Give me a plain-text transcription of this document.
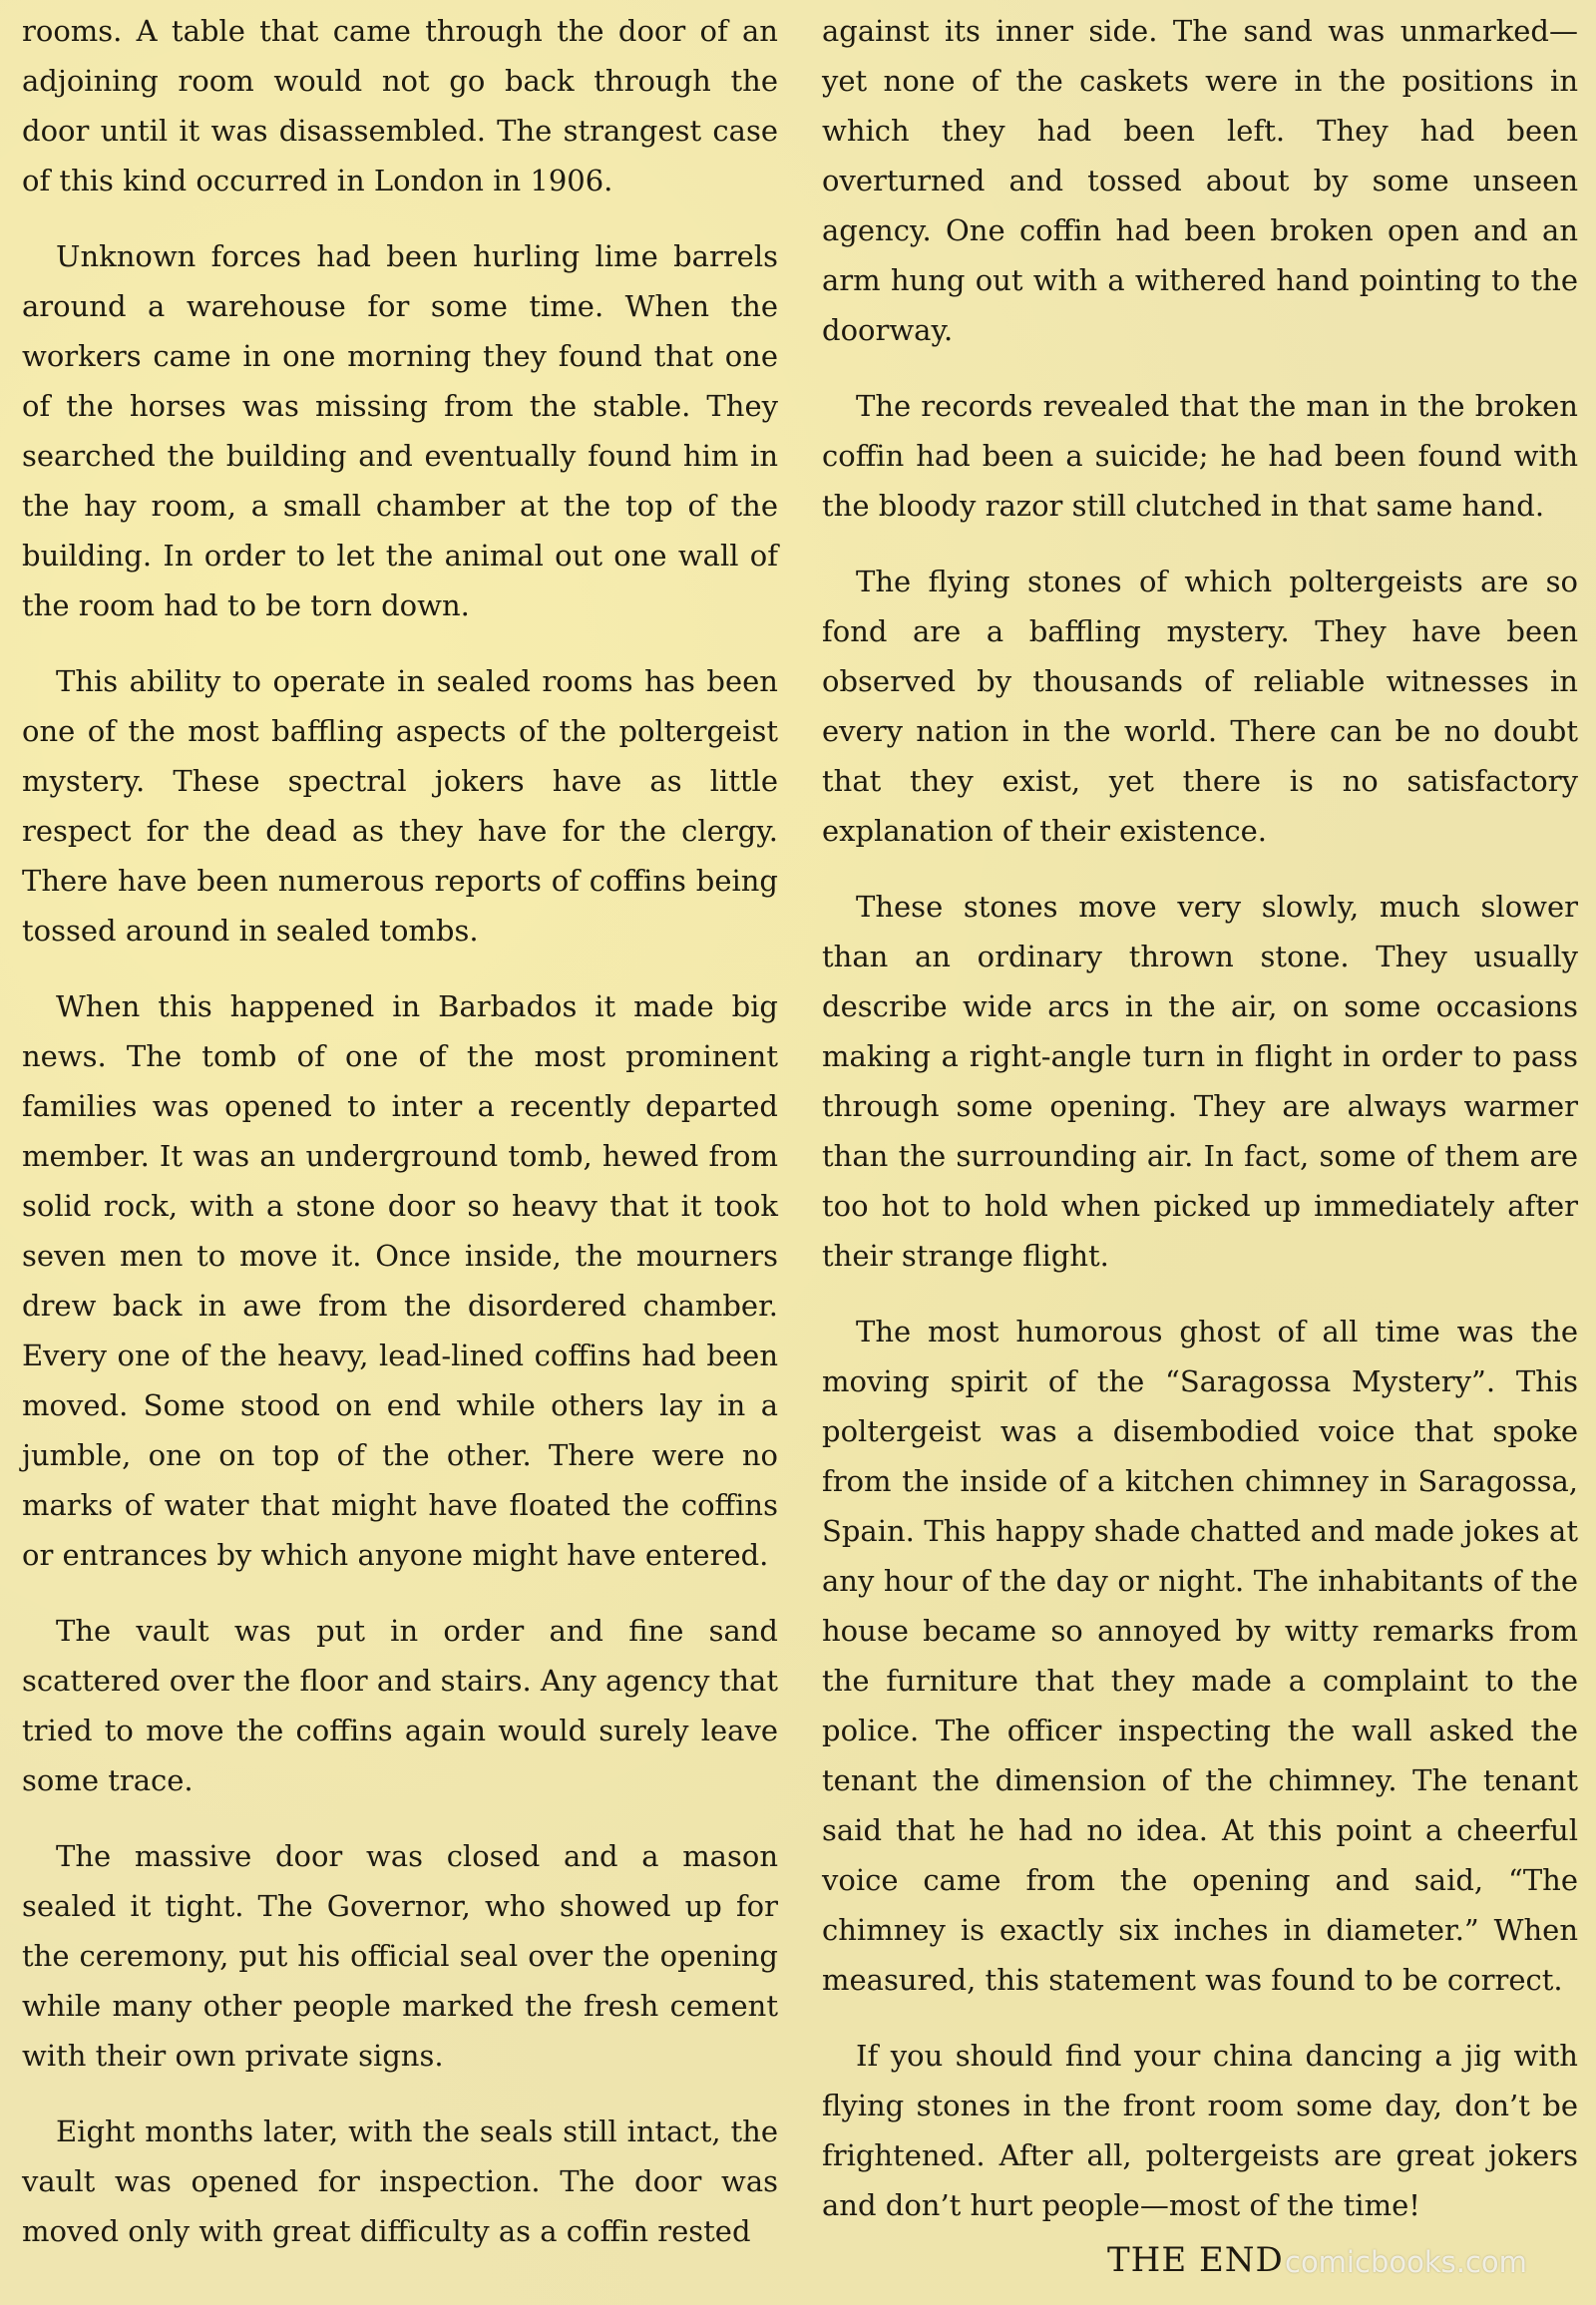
rooms. A table that came through the door of an adjoining room would not go back through the door until it was disassembled. The strangest case of this kind occurred in London in 1906.

Unknown forces had been hurling lime barrels around a warehouse for some time. When the workers came in one morning they found that one of the horses was missing from the stable. They searched the building and eventually found him in the hay room, a small chamber at the top of the building. In order to let the animal out one wall of the room had to be torn down.

This ability to operate in sealed rooms has been one of the most baffling aspects of the poltergeist mystery. These spectral jokers have as little respect for the dead as they have for the clergy. There have been numerous reports of coffins being tossed around in sealed tombs.

When this happened in Barbados it made big news. The tomb of one of the most prominent families was opened to inter a recently departed member. It was an underground tomb, hewed from solid rock, with a stone door so heavy that it took seven men to move it. Once inside, the mourners drew back in awe from the disordered chamber. Every one of the heavy, lead-lined coffins had been moved. Some stood on end while others lay in a jumble, one on top of the other. There were no marks of water that might have floated the coffins or entrances by which anyone might have entered.

The vault was put in order and fine sand scattered over the floor and stairs. Any agency that tried to move the coffins again would surely leave some trace.

The massive door was closed and a mason sealed it tight. The Governor, who showed up for the ceremony, put his official seal over the opening while many other people marked the fresh cement with their own private signs.

Eight months later, with the seals still intact, the vault was opened for inspection. The door was moved only with great difficulty as a coffin rested

against its inner side. The sand was unmarked—yet none of the caskets were in the positions in which they had been left. They had been overturned and tossed about by some unseen agency. One coffin had been broken open and an arm hung out with a withered hand pointing to the doorway.

The records revealed that the man in the broken coffin had been a suicide; he had been found with the bloody razor still clutched in that same hand.

The flying stones of which poltergeists are so fond are a baffling mystery. They have been observed by thousands of reliable witnesses in every nation in the world. There can be no doubt that they exist, yet there is no satisfactory explanation of their existence.

These stones move very slowly, much slower than an ordinary thrown stone. They usually describe wide arcs in the air, on some occasions making a right-angle turn in flight in order to pass through some opening. They are always warmer than the surrounding air. In fact, some of them are too hot to hold when picked up immediately after their strange flight.

The most humorous ghost of all time was the moving spirit of the “Saragossa Mystery”. This poltergeist was a disembodied voice that spoke from the inside of a kitchen chimney in Saragossa, Spain. This happy shade chatted and made jokes at any hour of the day or night. The inhabitants of the house became so annoyed by witty remarks from the furniture that they made a complaint to the police. The officer inspecting the wall asked the tenant the dimension of the chimney. The tenant said that he had no idea. At this point a cheerful voice came from the opening and said, “The chimney is exactly six inches in diameter.” When measured, this statement was found to be correct.

If you should find your china dancing a jig with flying stones in the front room some day, don’t be frightened. After all, poltergeists are great jokers and don’t hurt people—most of the time!

THE END comicbooks.com
